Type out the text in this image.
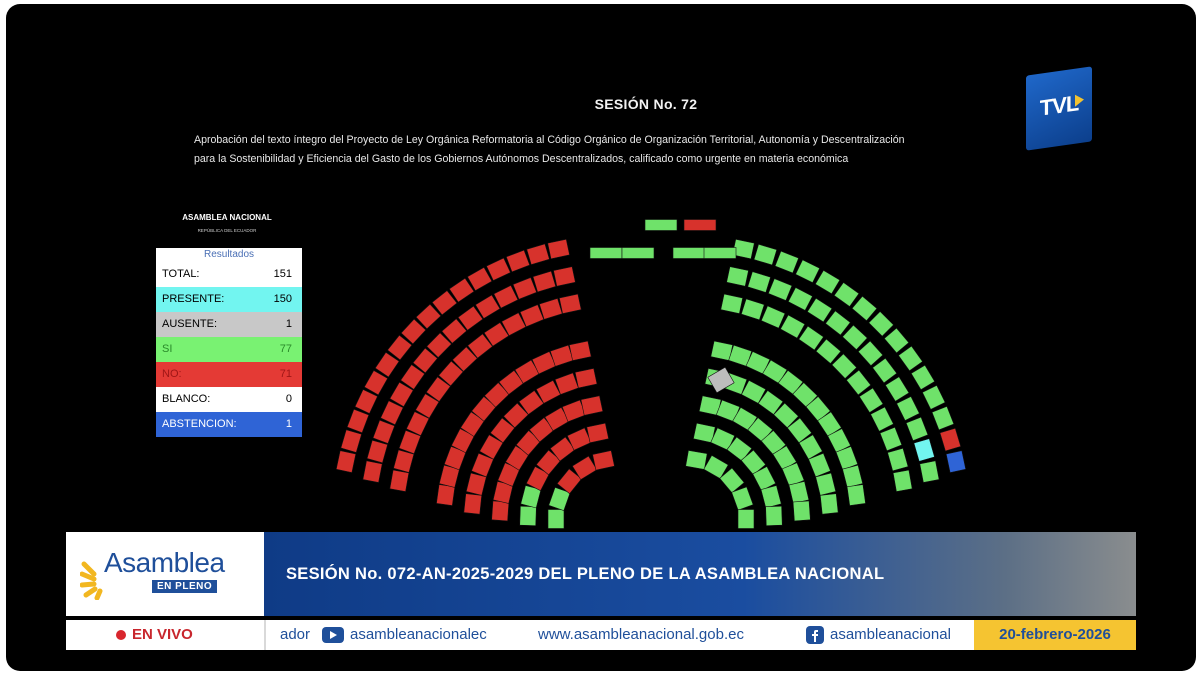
SESIÓN No. 72
Aprobación del texto íntegro del Proyecto de Ley Orgánica Reformatoria al Código Orgánico de Organización Territorial, Autonomía y Descentralización
para la Sostenibilidad y Eficiencia del Gasto de los Gobiernos Autónomos Descentralizados, calificado como urgente en materia económica
TVL
ASAMBLEA NACIONAL
REPÚBLICA DEL ECUADOR
Resultados
TOTAL:	151
PRESENTE:	150
AUSENTE:	1
SI	77
NO:	71
BLANCO:	0
ABSTENCION:	1
Asamblea
EN PLENO
SESIÓN No. 072-AN-2025-2029 DEL PLENO DE LA ASAMBLEA NACIONAL
EN VIVO	ador	asambleanacionalec	www.asambleanacional.gob.ec	asambleanacional	20-febrero-2026
